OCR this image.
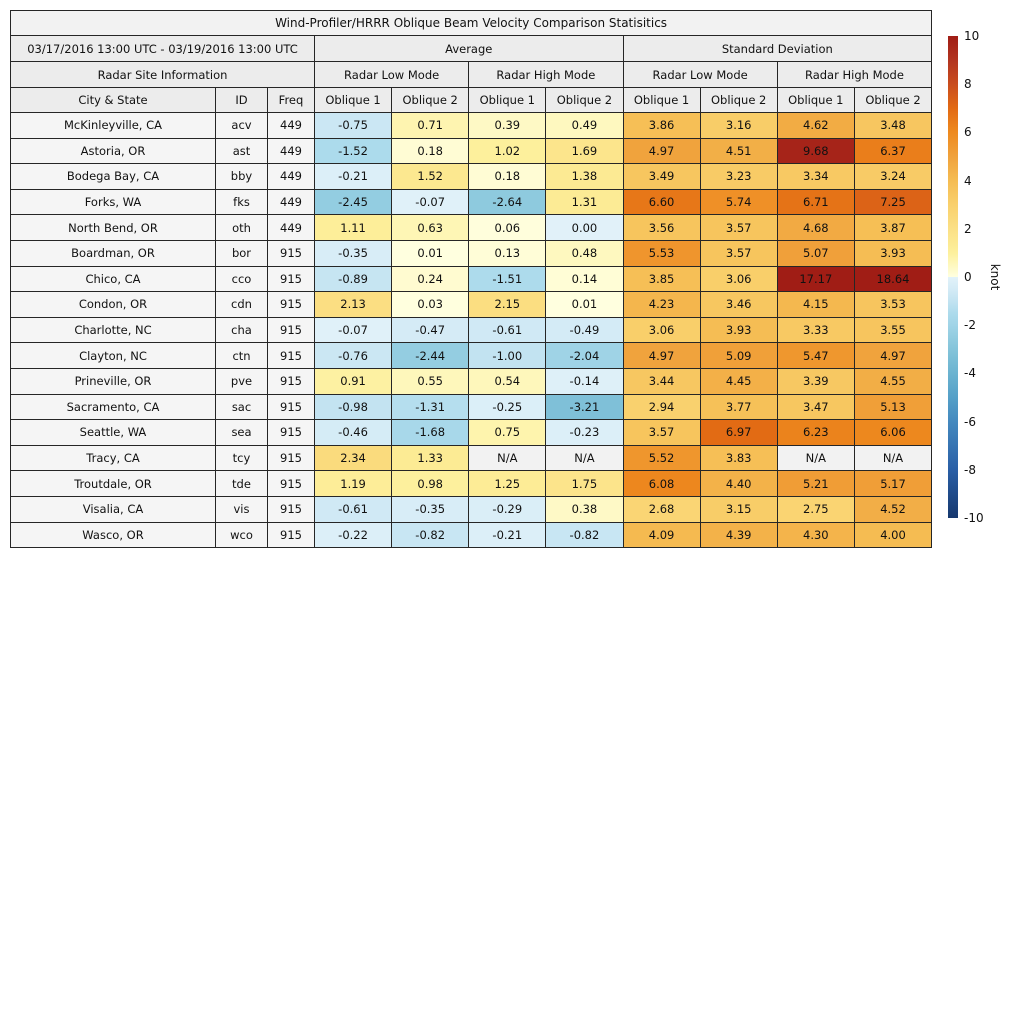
Wind-Profiler/HRRR Oblique Beam Velocity Comparison Statisitics										
03/17/2016 13:00 UTC - 03/19/2016 13:00 UTC			Average				Standard Deviation			
Radar Site Information			Radar Low Mode		Radar High Mode		Radar Low Mode		Radar High Mode	
City & State	ID	Freq	Oblique 1	Oblique 2	Oblique 1	Oblique 2	Oblique 1	Oblique 2	Oblique 1	Oblique 2
McKinleyville, CA	acv	449	-0.75	0.71	0.39	0.49	3.86	3.16	4.62	3.48
Astoria, OR	ast	449	-1.52	0.18	1.02	1.69	4.97	4.51	9.68	6.37
Bodega Bay, CA	bby	449	-0.21	1.52	0.18	1.38	3.49	3.23	3.34	3.24
Forks, WA	fks	449	-2.45	-0.07	-2.64	1.31	6.60	5.74	6.71	7.25
North Bend, OR	oth	449	1.11	0.63	0.06	0.00	3.56	3.57	4.68	3.87
Boardman, OR	bor	915	-0.35	0.01	0.13	0.48	5.53	3.57	5.07	3.93
Chico, CA	cco	915	-0.89	0.24	-1.51	0.14	3.85	3.06	17.17	18.64
Condon, OR	cdn	915	2.13	0.03	2.15	0.01	4.23	3.46	4.15	3.53
Charlotte, NC	cha	915	-0.07	-0.47	-0.61	-0.49	3.06	3.93	3.33	3.55
Clayton, NC	ctn	915	-0.76	-2.44	-1.00	-2.04	4.97	5.09	5.47	4.97
Prineville, OR	pve	915	0.91	0.55	0.54	-0.14	3.44	4.45	3.39	4.55
Sacramento, CA	sac	915	-0.98	-1.31	-0.25	-3.21	2.94	3.77	3.47	5.13
Seattle, WA	sea	915	-0.46	-1.68	0.75	-0.23	3.57	6.97	6.23	6.06
Tracy, CA	tcy	915	2.34	1.33	N/A	N/A	5.52	3.83	N/A	N/A
Troutdale, OR	tde	915	1.19	0.98	1.25	1.75	6.08	4.40	5.21	5.17
Visalia, CA	vis	915	-0.61	-0.35	-0.29	0.38	2.68	3.15	2.75	4.52
Wasco, OR	wco	915	-0.22	-0.82	-0.21	-0.82	4.09	4.39	4.30	4.00
10
8
6
4
2
0
-2
-4
-6
-8
-10
knot
